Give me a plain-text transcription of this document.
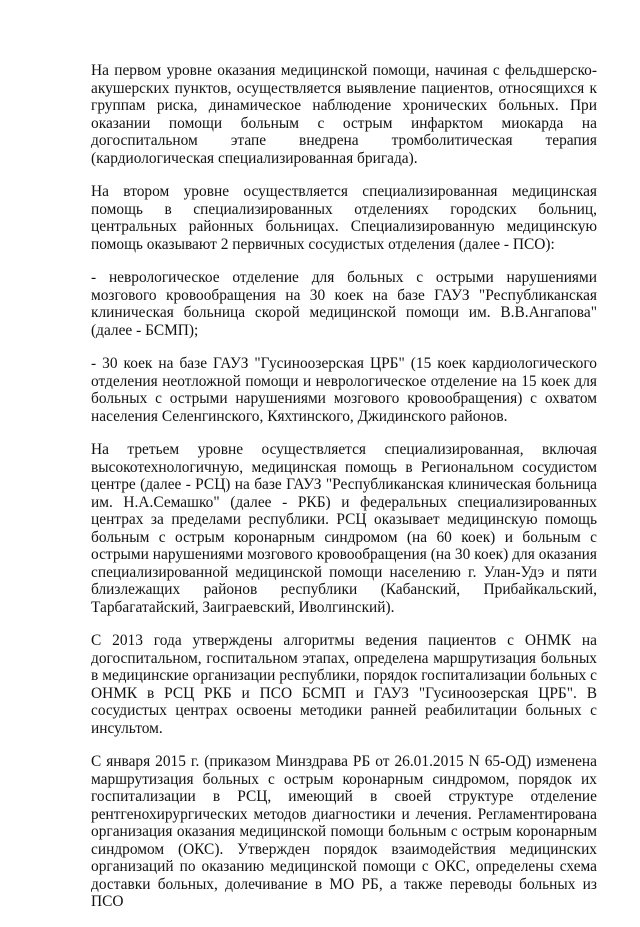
На первом уровне оказания медицинской помощи, начиная с фельдшерско-акушерских пунктов, осуществляется выявление пациентов, относящихся к группам риска, динамическое наблюдение хронических больных. При оказании помощи больным с острым инфарктом миокарда на догоспитальном этапе внедрена тромболитическая терапия (кардиологическая специализированная бригада).

На втором уровне осуществляется специализированная медицинская помощь в специализированных отделениях городских больниц, центральных районных больницах. Специализированную медицинскую помощь оказывают 2 первичных сосудистых отделения (далее - ПСО):

- неврологическое отделение для больных с острыми нарушениями мозгового кровообращения на 30 коек на базе ГАУЗ "Республиканская клиническая больница скорой медицинской помощи им. В.В.Ангапова" (далее - БСМП);

- 30 коек на базе ГАУЗ "Гусиноозерская ЦРБ" (15 коек кардиологического отделения неотложной помощи и неврологическое отделение на 15 коек для больных с острыми нарушениями мозгового кровообращения) с охватом населения Селенгинского, Кяхтинского, Джидинского районов.

На третьем уровне осуществляется специализированная, включая высокотехнологичную, медицинская помощь в Региональном сосудистом центре (далее - РСЦ) на базе ГАУЗ "Республиканская клиническая больница им. Н.А.Семашко" (далее - РКБ) и федеральных специализированных центрах за пределами республики. РСЦ оказывает медицинскую помощь больным с острым коронарным синдромом (на 60 коек) и больным с острыми нарушениями мозгового кровообращения (на 30 коек) для оказания специализированной медицинской помощи населению г. Улан-Удэ и пяти близлежащих районов республики (Кабанский, Прибайкальский, Тарбагатайский, Заиграевский, Иволгинский).

С 2013 года утверждены алгоритмы ведения пациентов с ОНМК на догоспитальном, госпитальном этапах, определена маршрутизация больных в медицинские организации республики, порядок госпитализации больных с ОНМК в РСЦ РКБ и ПСО БСМП и ГАУЗ "Гусиноозерская ЦРБ". В сосудистых центрах освоены методики ранней реабилитации больных с инсультом.

С января 2015 г. (приказом Минздрава РБ от 26.01.2015 N 65-ОД) изменена маршрутизация больных с острым коронарным синдромом, порядок их госпитализации в РСЦ, имеющий в своей структуре отделение рентгенохирургических методов диагностики и лечения. Регламентирована организация оказания медицинской помощи больным с острым коронарным синдромом (ОКС). Утвержден порядок взаимодействия медицинских организаций по оказанию медицинской помощи с ОКС, определены схема доставки больных, долечивание в МО РБ, а также переводы больных из ПСО
